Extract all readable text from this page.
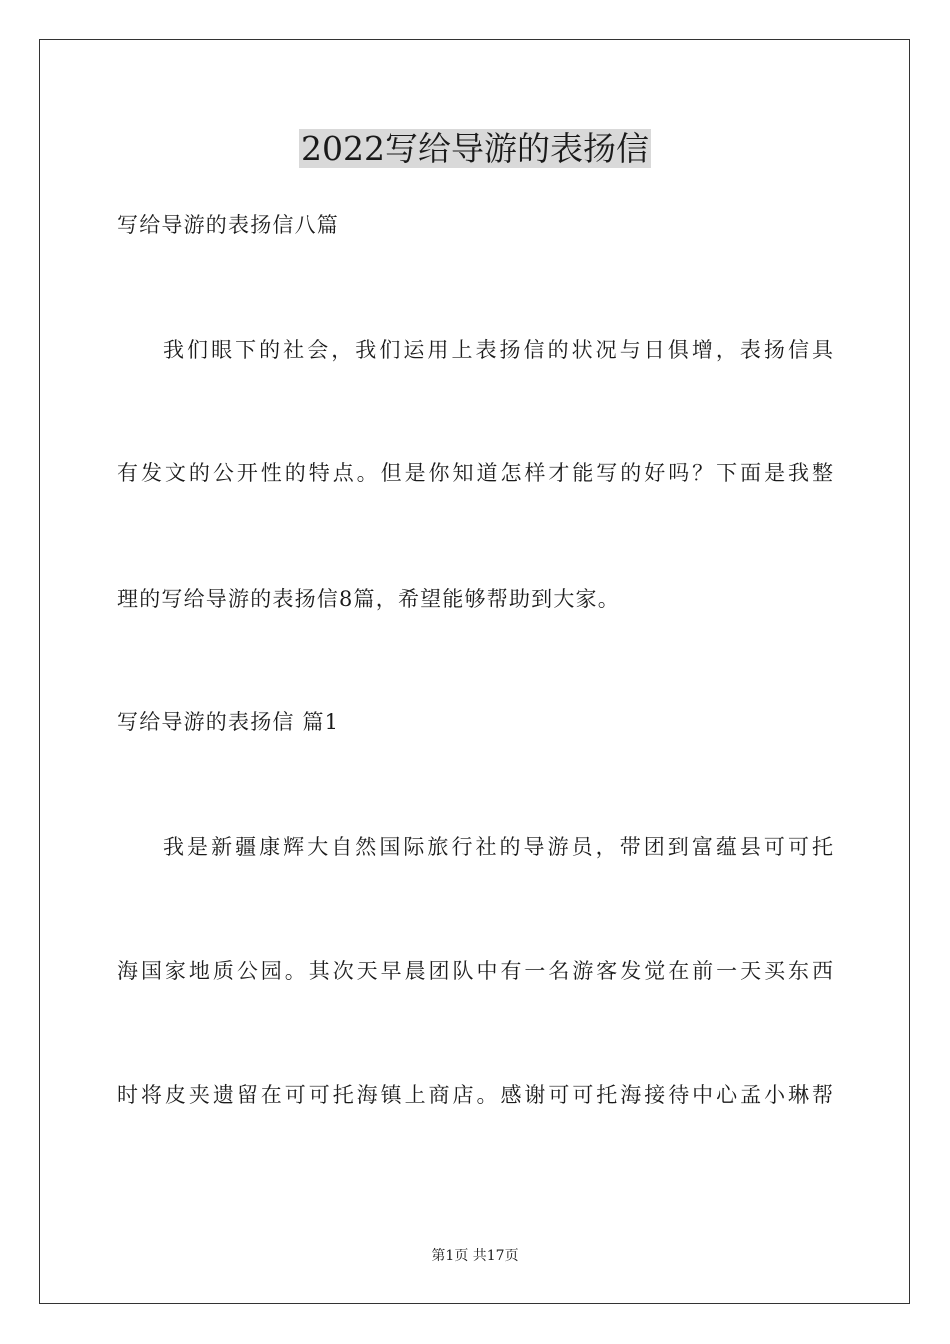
2022写给导游的表扬信
写给导游的表扬信八篇
我们眼下的社会，我们运用上表扬信的状况与日俱增，表扬信具
有发文的公开性的特点。但是你知道怎样才能写的好吗？下面是我整
理的写给导游的表扬信8篇，希望能够帮助到大家。
写给导游的表扬信 篇1
我是新疆康辉大自然国际旅行社的导游员，带团到富蕴县可可托
海国家地质公园。其次天早晨团队中有一名游客发觉在前一天买东西
时将皮夹遗留在可可托海镇上商店。感谢可可托海接待中心孟小琳帮
第1页 共17页
